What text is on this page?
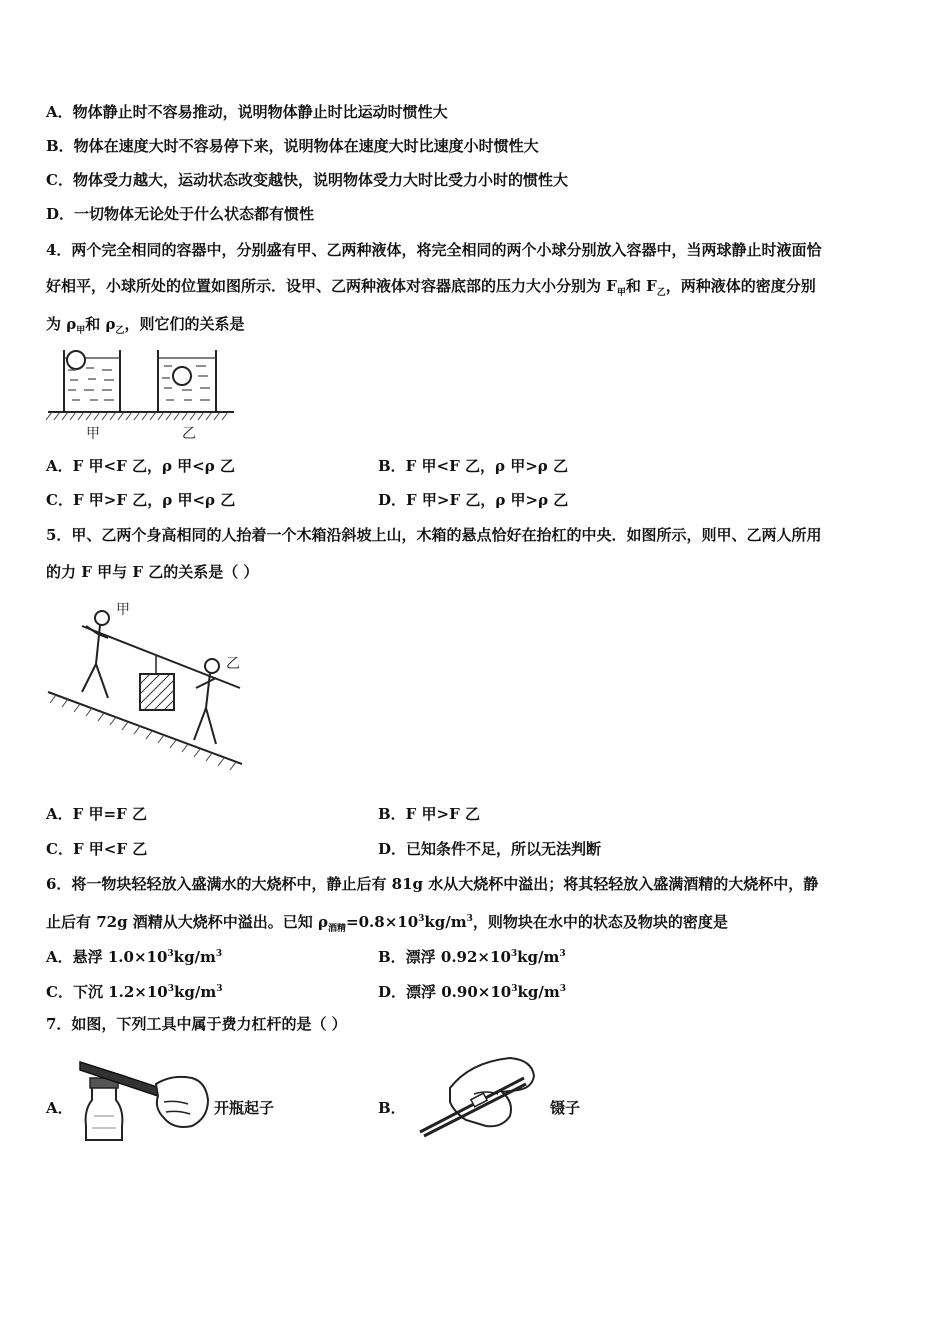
A．物体静止时不容易推动，说明物体静止时比运动时惯性大
B．物体在速度大时不容易停下来，说明物体在速度大时比速度小时惯性大
C．物体受力越大，运动状态改变越快，说明物体受力大时比受力小时的惯性大
D．一切物体无论处于什么状态都有惯性
4．两个完全相同的容器中，分别盛有甲、乙两种液体，将完全相同的两个小球分别放入容器中，当两球静止时液面恰
好相平，小球所处的位置如图所示．设甲、乙两种液体对容器底部的压力大小分别为 $F_甲$和 $F_乙$，两种液体的密度分别
为 $\rho_甲$和 $\rho_乙$，则它们的关系是
甲	乙
A．F 甲<F 乙，ρ 甲<ρ 乙	B．F 甲<F 乙，ρ 甲>ρ 乙
C．F 甲>F 乙，ρ 甲<ρ 乙	D．F 甲>F 乙，ρ 甲>ρ 乙
5．甲、乙两个身高相同的人抬着一个木箱沿斜坡上山，木箱的悬点恰好在抬杠的中央．如图所示，则甲、乙两人所用
的力 F 甲与 F 乙的关系是（ ）
甲
乙
A．F 甲=F 乙	B．F 甲>F 乙
C．F 甲<F 乙	D．已知条件不足，所以无法判断
6．将一物块轻轻放入盛满水的大烧杯中，静止后有 81g 水从大烧杯中溢出；将其轻轻放入盛满酒精的大烧杯中，静
止后有 72g 酒精从大烧杯中溢出。已知 $\rho_{酒精}=0.8\times 10^3kg/m^3$，则物块在水中的状态及物块的密度是
A．悬浮 $1.0\times 10^3kg/m^3$	B．漂浮 $0.92\times 10^3kg/m^3$
C．下沉 $1.2\times 10^3kg/m^3$	D．漂浮 $0.90\times 10^3kg/m^3$
7．如图，下列工具中属于费力杠杆的是（ ）
A．	开瓶起子	B．	镊子
